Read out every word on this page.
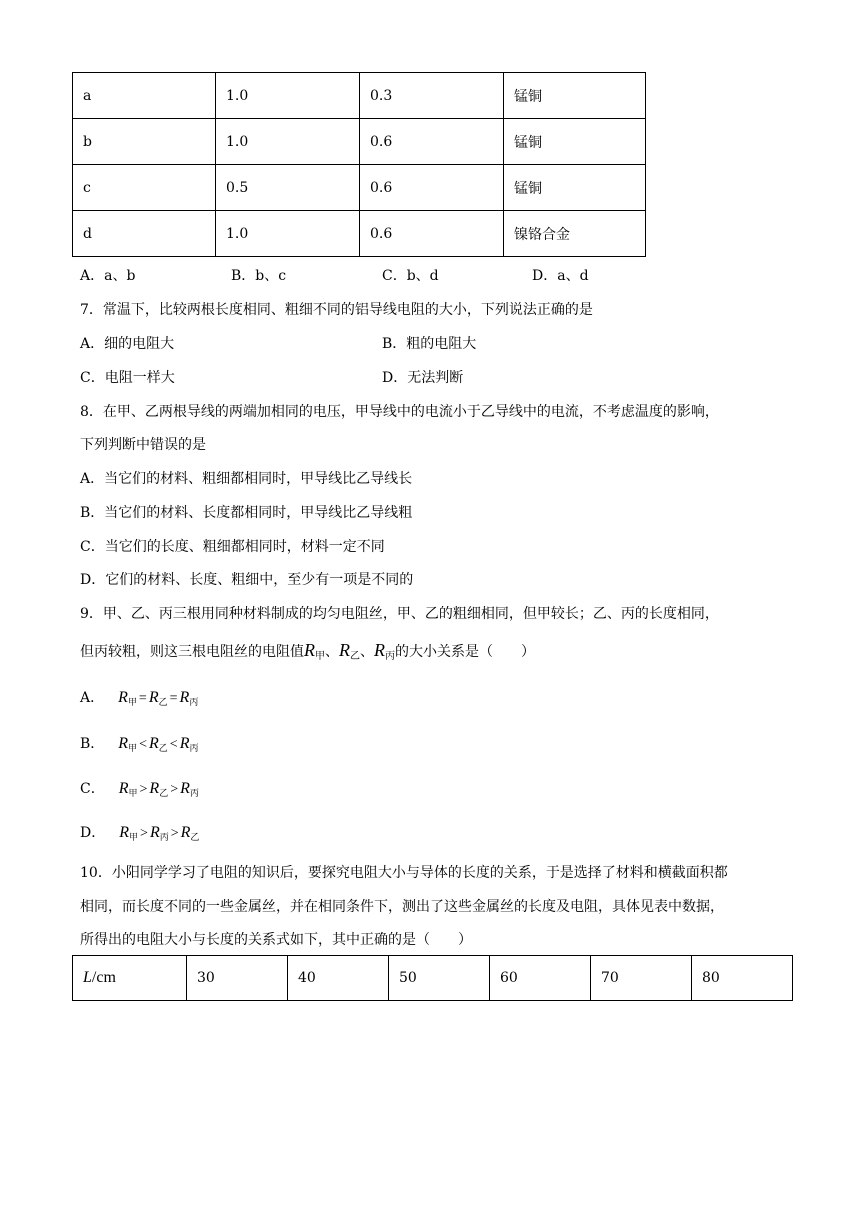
a	1.0	0.3	锰铜
b	1.0	0.6	锰铜
c	0.5	0.6	锰铜
d	1.0	0.6	镍铬合金
A．a、b	B．b、c	C．b、d	D．a、d
7．常温下，比较两根长度相同、粗细不同的铝导线电阻的大小，下列说法正确的是
A．细的电阻大	B．粗的电阻大
C．电阻一样大	D．无法判断
8．在甲、乙两根导线的两端加相同的电压，甲导线中的电流小于乙导线中的电流，不考虑温度的影响，
下列判断中错误的是
A．当它们的材料、粗细都相同时，甲导线比乙导线长
B．当它们的材料、长度都相同时，甲导线比乙导线粗
C．当它们的长度、粗细都相同时，材料一定不同
D．它们的材料、长度、粗细中，至少有一项是不同的
9．甲、乙、丙三根用同种材料制成的均匀电阻丝，甲、乙的粗细相同，但甲较长；乙、丙的长度相同，
但丙较粗，则这三根电阻丝的电阻值$R_甲$、$R_乙$、$R_丙$的大小关系是（　　）
A． $R_甲 = R_乙 = R_丙$
B． $R_甲 < R_乙 < R_丙$
C． $R_甲 > R_乙 > R_丙$
D． $R_甲 > R_丙 > R_乙$
10．小阳同学学习了电阻的知识后，要探究电阻大小与导体的长度的关系，于是选择了材料和横截面积都
相同，而长度不同的一些金属丝，并在相同条件下，测出了这些金属丝的长度及电阻，具体见表中数据，
所得出的电阻大小与长度的关系式如下，其中正确的是（　　）
L/cm	30	40	50	60	70	80
